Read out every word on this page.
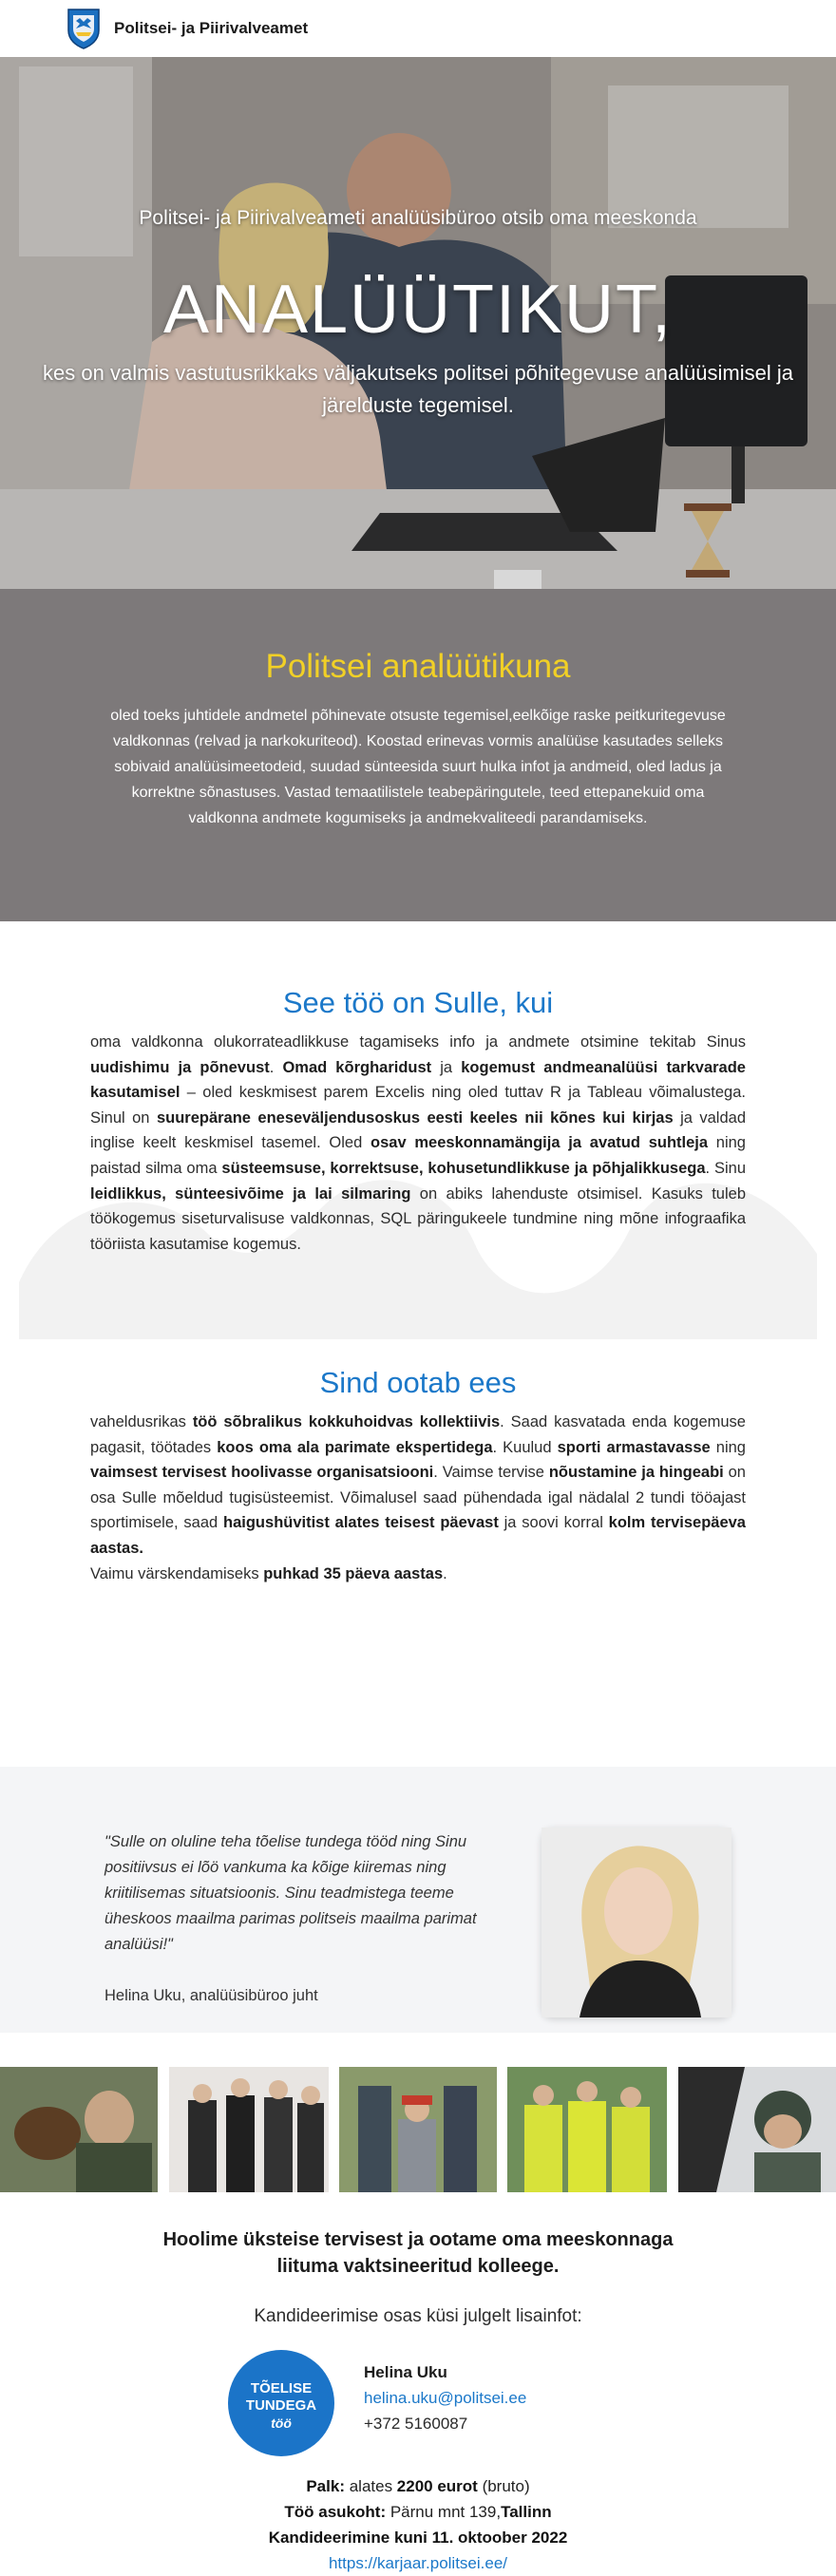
Politsei- ja Piirivalveamet
Politsei- ja Piirivalveameti analüüsibüroo otsib oma meeskonda
ANALÜÜTIKUT,
kes on valmis vastutusrikkaks väljakutseks politsei põhitegevuse analüüsimisel ja järelduste tegemisel.
Politsei analüütikuna

oled toeks juhtidele andmetel põhinevate otsuste tegemisel,eelkõige raske peitkuritegevuse valdkonnas (relvad ja narkokuriteod). Koostad erinevas vormis analüüse kasutades selleks sobivaid analüüsimeetodeid, suudad sünteesida suurt hulka infot ja andmeid, oled ladus ja korrektne sõnastuses. Vastad temaatilistele teabepäringutele, teed ettepanekuid oma valdkonna andmete kogumiseks ja andmekvaliteedi parandamiseks.

See töö on Sulle, kui

oma valdkonna olukorrateadlikkuse tagamiseks info ja andmete otsimine tekitab Sinus uudishimu ja põnevust. Omad kõrgharidust ja kogemust andmeanalüüsi tarkvarade kasutamisel – oled keskmisest parem Excelis ning oled tuttav R ja Tableau võimalustega. Sinul on suurepärane eneseväljendusoskus eesti keeles nii kõnes kui kirjas ja valdad inglise keelt keskmisel tasemel. Oled osav meeskonnamängija ja avatud suhtleja ning paistad silma oma süsteemsuse, korrektsuse, kohusetundlikkuse ja põhjalikkusega. Sinu leidlikkus, sünteesivõime ja lai silmaring on abiks lahenduste otsimisel. Kasuks tuleb töökogemus siseturvalisuse valdkonnas, SQL päringukeele tundmine ning mõne infograafika tööriista kasutamise kogemus.

Sind ootab ees

vaheldusrikas töö sõbralikus kokkuhoidvas kollektiivis. Saad kasvatada enda kogemuse pagasit, töötades koos oma ala parimate ekspertidega. Kuulud sporti armastavasse ning vaimsest tervisest hoolivasse organisatsiooni. Vaimse tervise nõustamine ja hingeabi on osa Sulle mõeldud tugisüsteemist. Võimalusel saad pühendada igal nädalal 2 tundi tööajast sportimisele, saad haigushüvitist alates teisest päevast ja soovi korral kolm tervisepäeva aastas.
Vaimu värskendamiseks puhkad 35 päeva aastas.

"Sulle on oluline teha tõelise tundega tööd ning Sinu positiivsus ei lõö vankuma ka kõige kiiremas ning kriitilisemas situatsioonis. Sinu teadmistega teeme üheskoos maailma parimas politseis maailma parimat analüüsi!"
Helina Uku, analüüsibüroo juht
Hoolime üksteise tervisest ja ootame oma meeskonnaga liituma vaktsineeritud kolleege.
Kandideerimise osas küsi julgelt lisainfot:
TÕELISE
TUNDEGA
töö
Helina Uku
helina.uku@politsei.ee
+372 5160087
Palk: alates 2200 eurot (bruto)
Töö asukoht: Pärnu mnt 139,Tallinn
Kandideerimine kuni 11. oktoober 2022
https://karjaar.politsei.ee/
